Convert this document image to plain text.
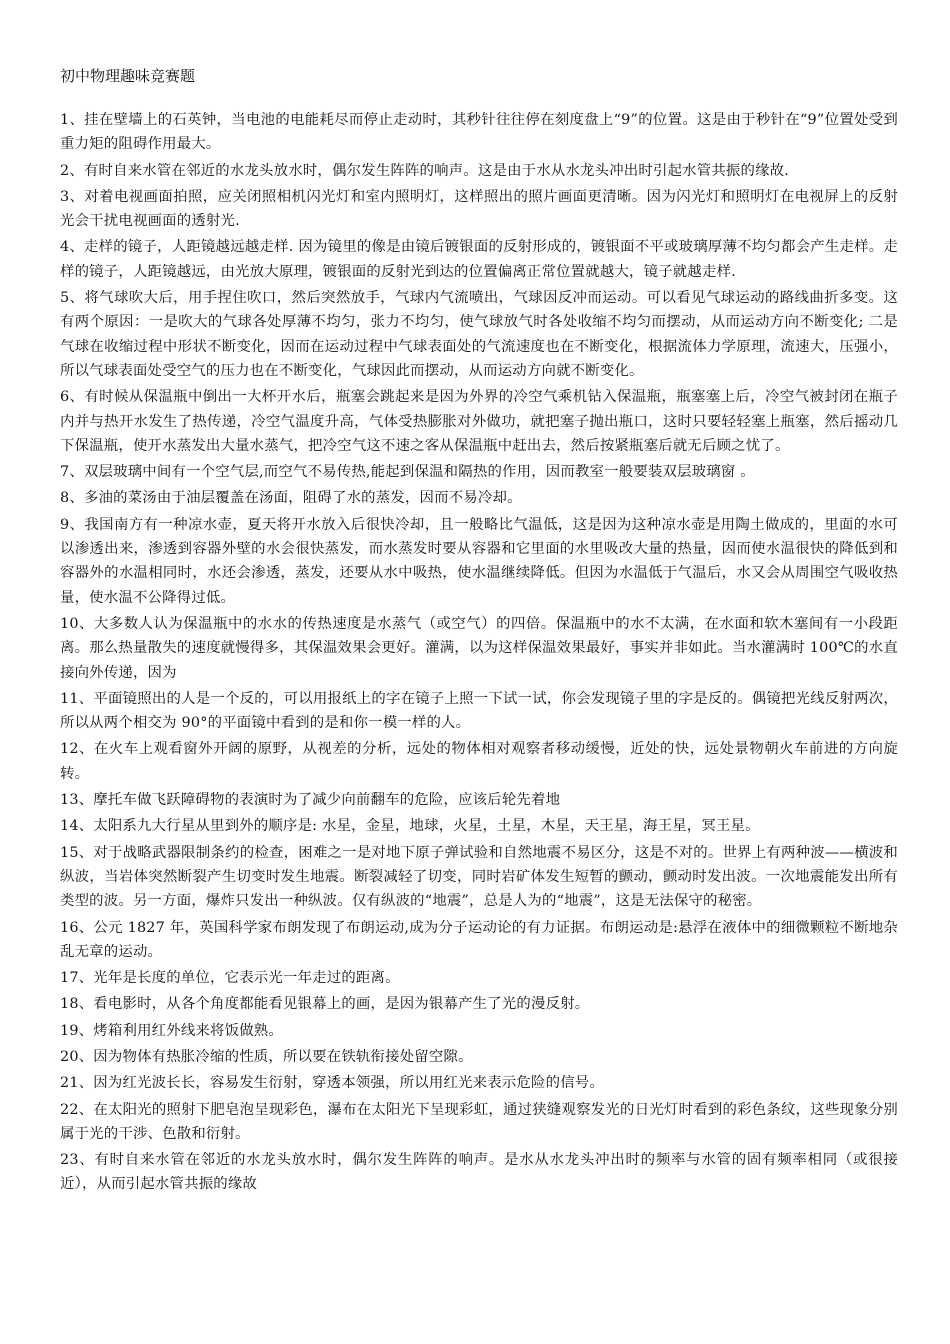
初中物理趣味竞赛题
1、挂在壁墙上的石英钟，当电池的电能耗尽而停止走动时，其秒针往往停在刻度盘上“9”的位置。这是由于秒针在“9”位置处受到重力矩的阻碍作用最大。
2、有时自来水管在邻近的水龙头放水时，偶尔发生阵阵的响声。这是由于水从水龙头冲出时引起水管共振的缘故.
3、对着电视画面拍照，应关闭照相机闪光灯和室内照明灯，这样照出的照片画面更清晰。因为闪光灯和照明灯在电视屏上的反射光会干扰电视画面的透射光.
4、走样的镜子，人距镜越远越走样. 因为镜里的像是由镜后镀银面的反射形成的，镀银面不平或玻璃厚薄不均匀都会产生走样。走样的镜子，人距镜越远，由光放大原理，镀银面的反射光到达的位置偏离正常位置就越大，镜子就越走样.
5、将气球吹大后，用手捏住吹口，然后突然放手，气球内气流喷出，气球因反冲而运动。可以看见气球运动的路线曲折多变。这有两个原因：一是吹大的气球各处厚薄不均匀，张力不均匀，使气球放气时各处收缩不均匀而摆动，从而运动方向不断变化; 二是气球在收缩过程中形状不断变化，因而在运动过程中气球表面处的气流速度也在不断变化，根据流体力学原理，流速大，压强小，所以气球表面处受空气的压力也在不断变化，气球因此而摆动，从而运动方向就不断变化。
6、有时候从保温瓶中倒出一大杯开水后，瓶塞会跳起来是因为外界的冷空气乘机钻入保温瓶，瓶塞塞上后，冷空气被封闭在瓶子内并与热开水发生了热传递，冷空气温度升高，气体受热膨胀对外做功，就把塞子抛出瓶口，这时只要轻轻塞上瓶塞，然后摇动几下保温瓶，使开水蒸发出大量水蒸气，把冷空气这不速之客从保温瓶中赶出去，然后按紧瓶塞后就无后顾之忧了。
7、双层玻璃中间有一个空气层,而空气不易传热,能起到保温和隔热的作用，因而教室一般要装双层玻璃窗 。
8、多油的菜汤由于油层覆盖在汤面，阻碍了水的蒸发，因而不易冷却。
9、我国南方有一种凉水壶，夏天将开水放入后很快冷却，且一般略比气温低，这是因为这种凉水壶是用陶土做成的，里面的水可以渗透出来，渗透到容器外壁的水会很快蒸发，而水蒸发时要从容器和它里面的水里吸改大量的热量，因而使水温很快的降低到和容器外的水温相同时，水还会渗透，蒸发，还要从水中吸热，使水温继续降低。但因为水温低于气温后，水又会从周围空气吸收热量，使水温不公降得过低。
10、大多数人认为保温瓶中的水水的传热速度是水蒸气（或空气）的四倍。保温瓶中的水不太满，在水面和软木塞间有一小段距离。那么热量散失的速度就慢得多，其保温效果会更好。灌满，以为这样保温效果最好，事实并非如此。当水灌满时 100℃的水直接向外传递，因为
11、平面镜照出的人是一个反的，可以用报纸上的字在镜子上照一下试一试，你会发现镜子里的字是反的。偶镜把光线反射两次，所以从两个相交为 90°的平面镜中看到的是和你一模一样的人。
12、在火车上观看窗外开阔的原野，从视差的分析，远处的物体相对观察者移动缓慢，近处的快，远处景物朝火车前进的方向旋转。
13、摩托车做飞跃障碍物的表演时为了减少向前翻车的危险，应该后轮先着地
14、太阳系九大行星从里到外的顺序是: 水星，金星，地球，火星，土星，木星，天王星，海王星，冥王星。
15、对于战略武器限制条约的检查，困难之一是对地下原子弹试验和自然地震不易区分，这是不对的。世界上有两种波——横波和纵波，当岩体突然断裂产生切变时发生地震。断裂减轻了切变，同时岩矿体发生短暂的颤动，颤动时发出波。一次地震能发出所有类型的波。另一方面，爆炸只发出一种纵波。仅有纵波的“地震”，总是人为的“地震”，这是无法保守的秘密。
16、公元 1827 年，英国科学家布朗发现了布朗运动,成为分子运动论的有力证据。布朗运动是:悬浮在液体中的细微颗粒不断地杂乱无章的运动。
17、光年是长度的单位，它表示光一年走过的距离。
18、看电影时，从各个角度都能看见银幕上的画，是因为银幕产生了光的漫反射。
19、烤箱利用红外线来将饭做熟。
20、因为物体有热胀冷缩的性质，所以要在铁轨衔接处留空隙。
21、因为红光波长长，容易发生衍射，穿透本领强，所以用红光来表示危险的信号。
22、在太阳光的照射下肥皂泡呈现彩色，瀑布在太阳光下呈现彩虹，通过狭缝观察发光的日光灯时看到的彩色条纹，这些现象分别属于光的干涉、色散和衍射。
23、有时自来水管在邻近的水龙头放水时，偶尔发生阵阵的响声。是水从水龙头冲出时的频率与水管的固有频率相同（或很接近），从而引起水管共振的缘故
